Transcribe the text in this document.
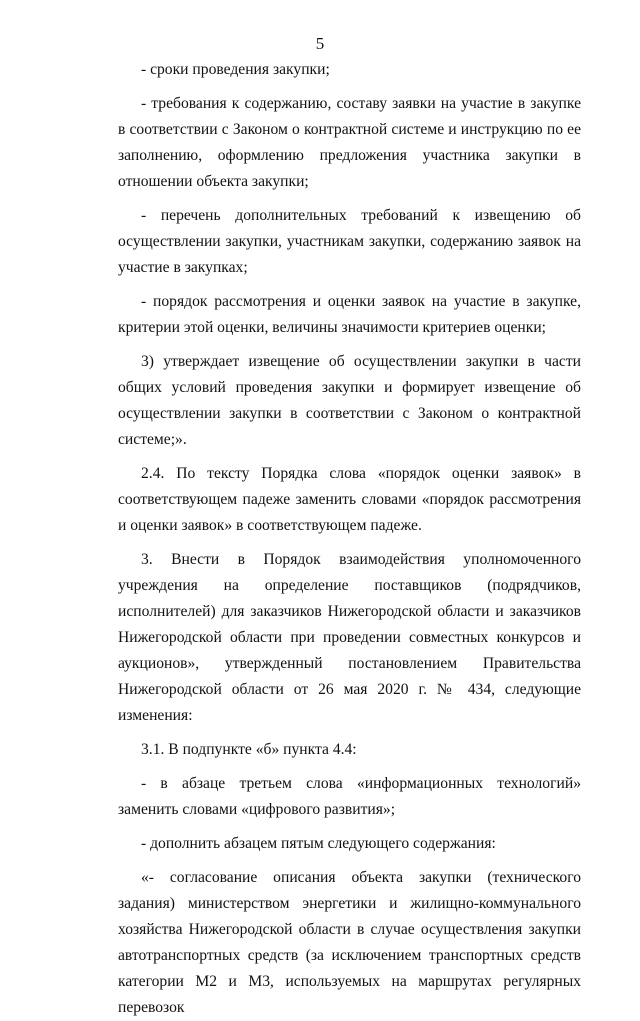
5

- сроки проведения закупки;

- требования к содержанию, составу заявки на участие в закупке в соответствии с Законом о контрактной системе и инструкцию по ее заполнению, оформлению предложения участника закупки в отношении объекта закупки;

- перечень дополнительных требований к извещению об осуществлении закупки, участникам закупки, содержанию заявок на участие в закупках;

- порядок рассмотрения и оценки заявок на участие в закупке, критерии этой оценки, величины значимости критериев оценки;

3) утверждает извещение об осуществлении закупки в части общих условий проведения закупки и формирует извещение об осуществлении закупки в соответствии с Законом о контрактной системе;».

2.4. По тексту Порядка слова «порядок оценки заявок» в соответствующем падеже заменить словами «порядок рассмотрения и оценки заявок» в соответствующем падеже.

3. Внести в Порядок взаимодействия уполномоченного учреждения на определение поставщиков (подрядчиков, исполнителей) для заказчиков Нижегородской области и заказчиков Нижегородской области при проведении совместных конкурсов и аукционов», утвержденный постановлением Правительства Нижегородской области от 26 мая 2020 г. № 434, следующие изменения:

3.1. В подпункте «б» пункта 4.4:

- в абзаце третьем слова «информационных технологий» заменить словами «цифрового развития»;

- дополнить абзацем пятым следующего содержания:

«- согласование описания объекта закупки (технического задания) министерством энергетики и жилищно-коммунального хозяйства Нижегородской области в случае осуществления закупки автотранспортных средств (за исключением транспортных средств категории М2 и М3, используемых на маршрутах регулярных перевозок
